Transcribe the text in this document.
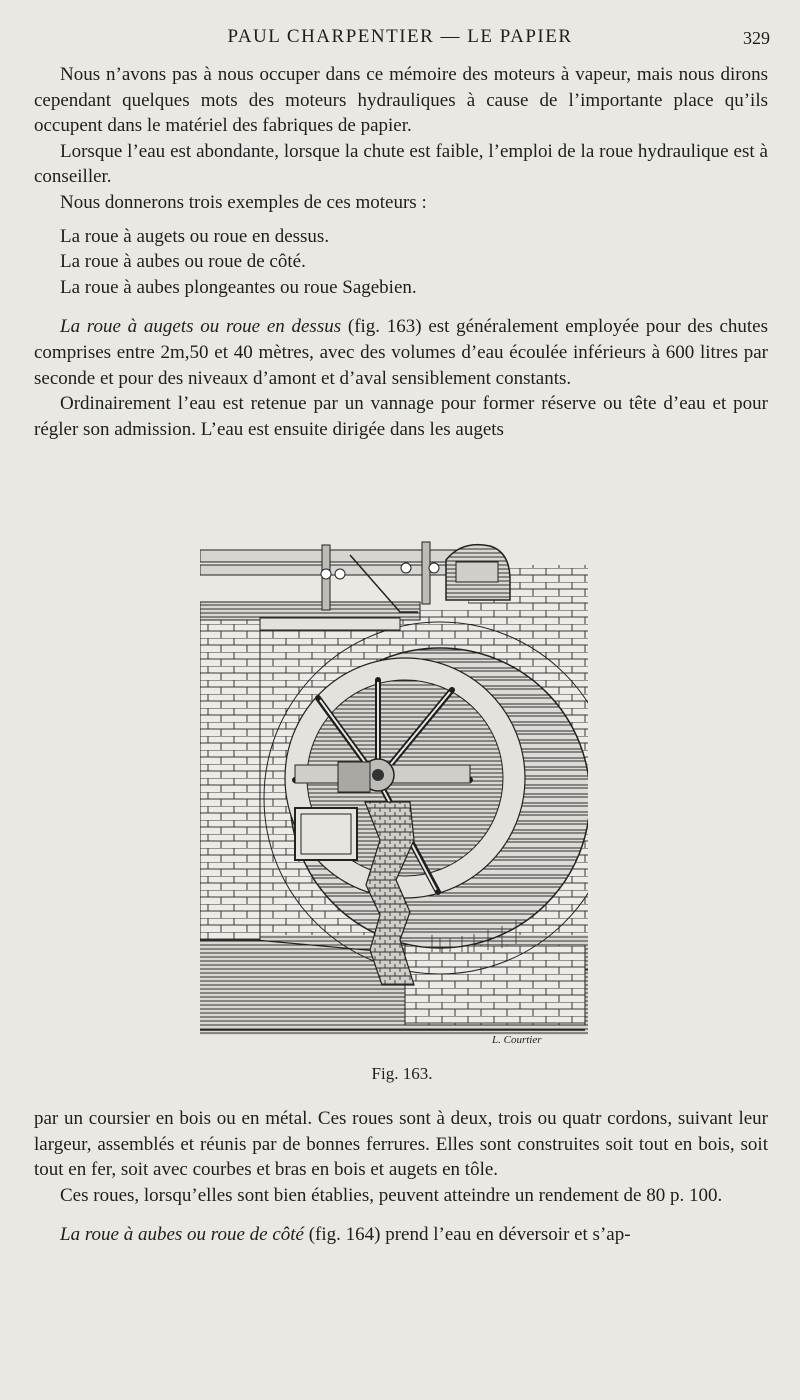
PAUL CHARPENTIER — LE PAPIER	329

Nous n’avons pas à nous occuper dans ce mémoire des moteurs à vapeur, mais nous dirons cependant quelques mots des moteurs hydrauliques à cause de l’importante place qu’ils occupent dans le matériel des fabriques de papier.

Lorsque l’eau est abondante, lorsque la chute est faible, l’emploi de la roue hydraulique est à conseiller.

Nous donnerons trois exemples de ces moteurs :

La roue à augets ou roue en dessus.
La roue à aubes ou roue de côté.
La roue à aubes plongeantes ou roue Sagebien.

La roue à augets ou roue en dessus (fig. 163) est généralement employée pour des chutes comprises entre 2m,50 et 40 mètres, avec des volumes d’eau écoulée inférieurs à 600 litres par seconde et pour des niveaux d’amont et d’aval sensiblement constants.

Ordinairement l’eau est retenue par un vannage pour former réserve ou tête d’eau et pour régler son admission. L’eau est ensuite dirigée dans les augets

L. Courtier
Fig. 163.

par un coursier en bois ou en métal. Ces roues sont à deux, trois ou quatr cordons, suivant leur largeur, assemblés et réunis par de bonnes ferrures. Elles sont construites soit tout en bois, soit tout en fer, soit avec courbes et bras en bois et augets en tôle.

Ces roues, lorsqu’elles sont bien établies, peuvent atteindre un rendement de 80 p. 100.

La roue à aubes ou roue de côté (fig. 164) prend l’eau en déversoir et s’ap-
